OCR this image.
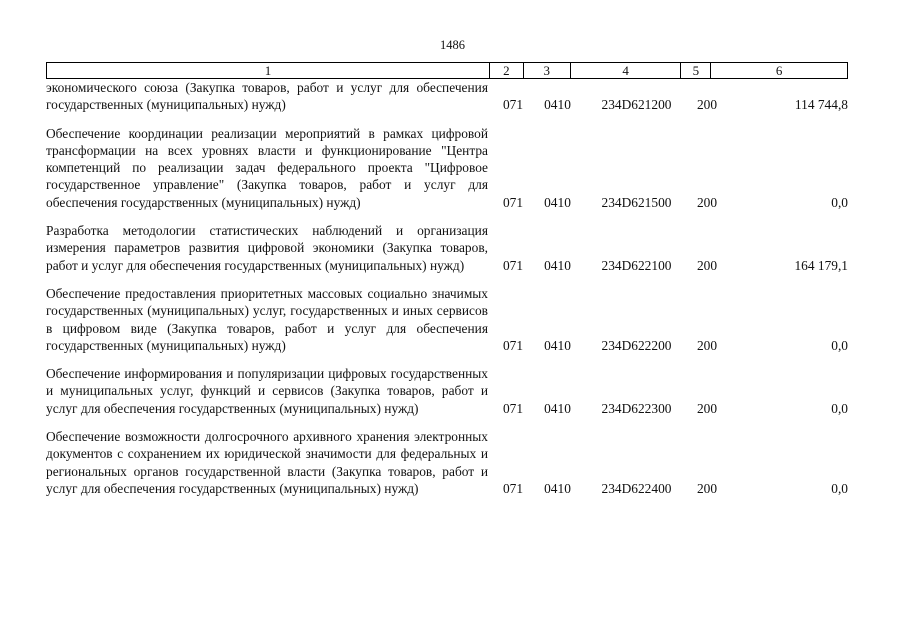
1486
1	2	3	4	5	6
экономического союза (Закупка товаров, работ и услуг для обеспечения государственных (муниципальных) нужд)	071	0410	234D621200	200	114 744,8
Обеспечение координации реализации мероприятий в рамках цифровой трансформации на всех уровнях власти и функционирование "Центра компетенций по реализации задач федерального проекта "Цифровое государственное управление" (Закупка товаров, работ и услуг для обеспечения государственных (муниципальных) нужд)	071	0410	234D621500	200	0,0
Разработка методологии статистических наблюдений и организация измерения параметров развития цифровой экономики (Закупка товаров, работ и услуг для обеспечения государственных (муниципальных) нужд)	071	0410	234D622100	200	164 179,1
Обеспечение предоставления приоритетных массовых социально значимых государственных (муниципальных) услуг, государственных и иных сервисов в цифровом виде (Закупка товаров, работ и услуг для обеспечения государственных (муниципальных) нужд)	071	0410	234D622200	200	0,0
Обеспечение информирования и популяризации цифровых государственных и муниципальных услуг, функций и сервисов (Закупка товаров, работ и услуг для обеспечения государственных (муниципальных) нужд)	071	0410	234D622300	200	0,0
Обеспечение возможности долгосрочного архивного хранения электронных документов с сохранением их юридической значимости для федеральных и региональных органов государственной власти (Закупка товаров, работ и услуг для обеспечения государственных (муниципальных) нужд)	071	0410	234D622400	200	0,0
